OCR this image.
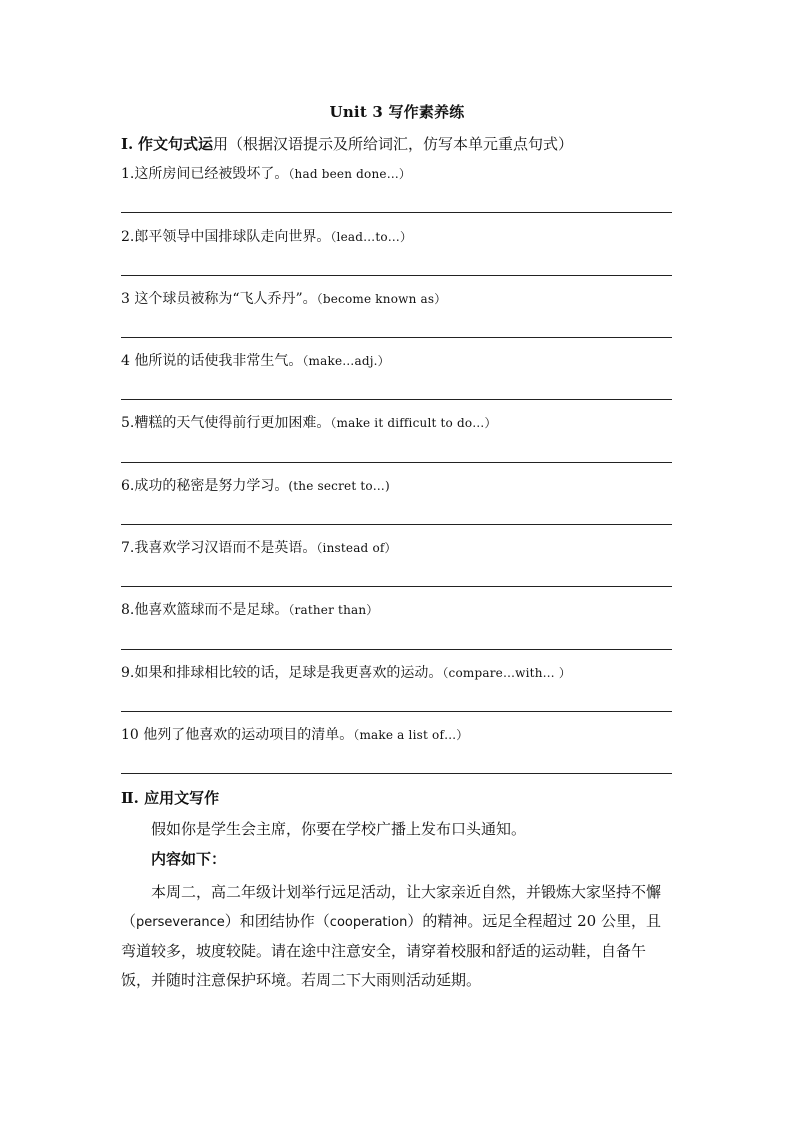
Unit 3 写作素养练
Ⅰ. 作文句式运用（根据汉语提示及所给词汇，仿写本单元重点句式）
1.这所房间已经被毁坏了。（had been done…）
2.郎平领导中国排球队走向世界。（lead…to…）
3 这个球员被称为“飞人乔丹”。（become known as）
4 他所说的话使我非常生气。（make…adj.）
5.糟糕的天气使得前行更加困难。（make it difficult to do…）
6.成功的秘密是努力学习。(the secret to…)
7.我喜欢学习汉语而不是英语。（instead of）
8.他喜欢篮球而不是足球。（rather than）
9.如果和排球相比较的话，足球是我更喜欢的运动。（compare…with… ）
10 他列了他喜欢的运动项目的清单。（make a list of…）
Ⅱ. 应用文写作
假如你是学生会主席，你要在学校广播上发布口头通知。
内容如下：
本周二，高二年级计划举行远足活动，让大家亲近自然，并锻炼大家坚持不懈（perseverance）和团结协作（cooperation）的精神。远足全程超过 20 公里，且弯道较多，坡度较陡。请在途中注意安全，请穿着校服和舒适的运动鞋，自备午饭，并随时注意保护环境。若周二下大雨则活动延期。
